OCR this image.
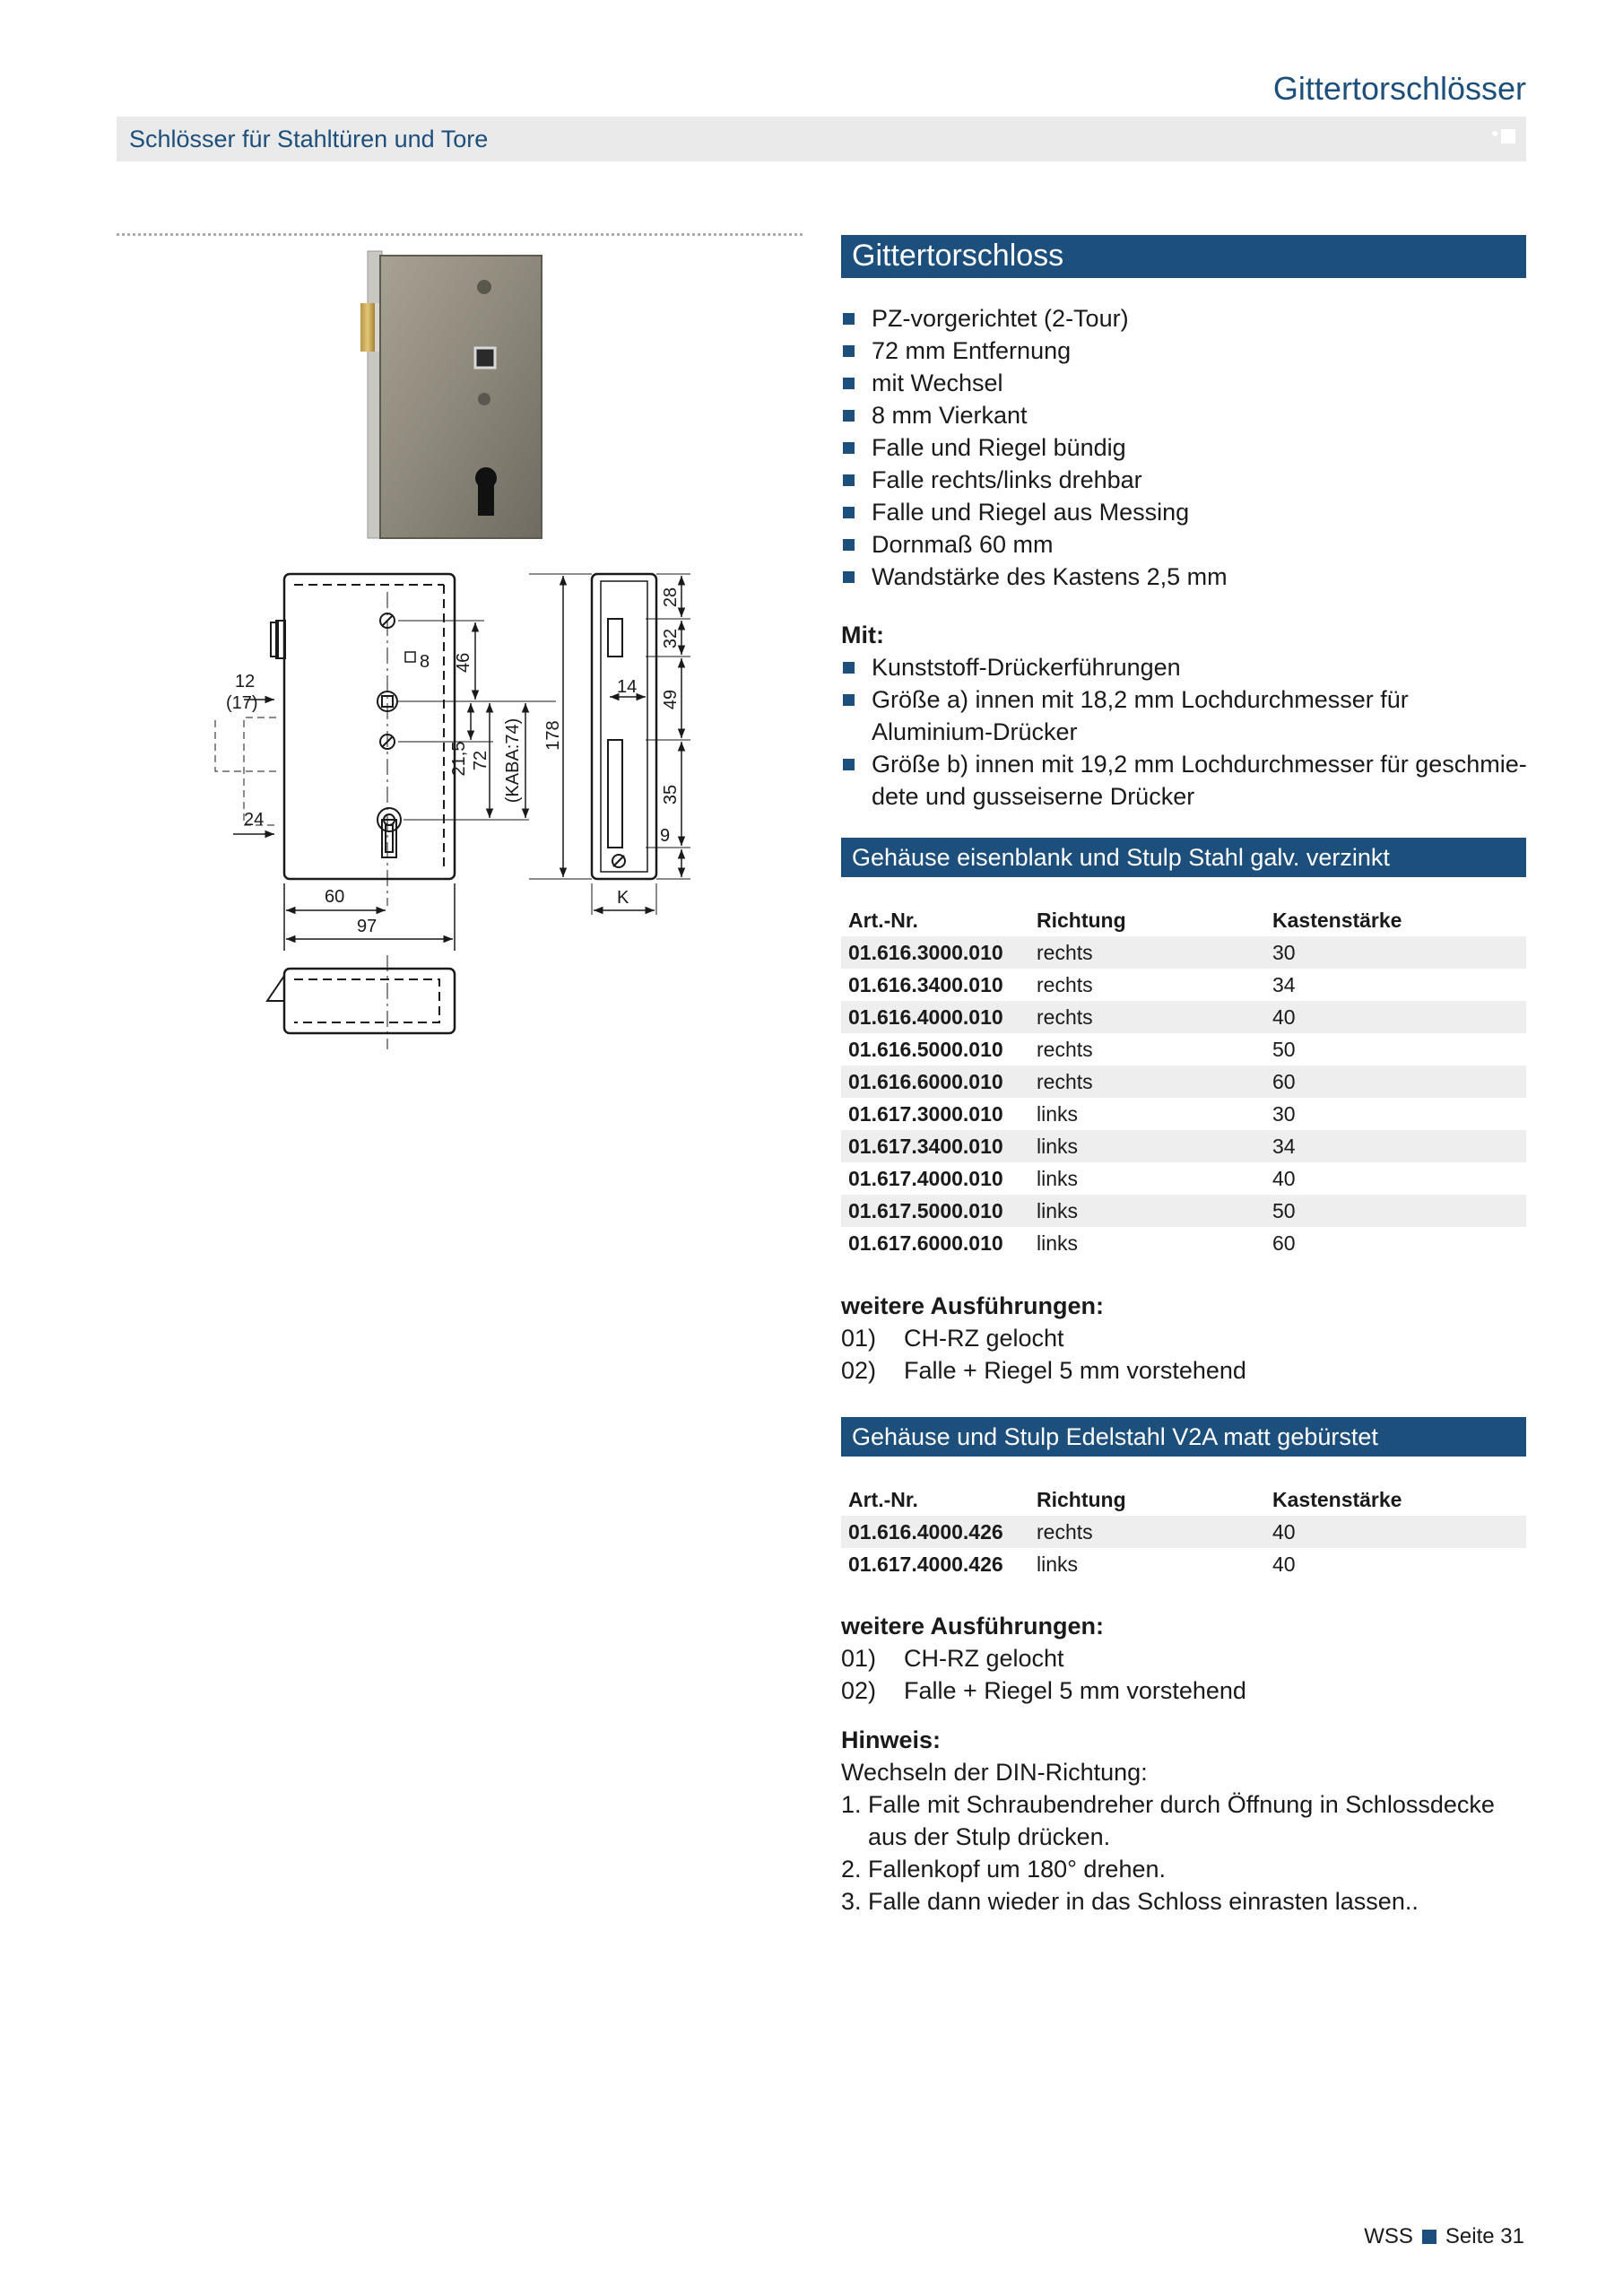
Gittertorschlösser
Schlösser für Stahltüren und Tore
12
(17)
24
60
97
8 46
21,5 72 (KABA:74) 178
28
32
49
35
14
9
K
Gittertorschloss
PZ-vorgerichtet (2-Tour)
72 mm Entfernung
mit Wechsel
8 mm Vierkant
Falle und Riegel bündig
Falle rechts/links drehbar
Falle und Riegel aus Messing
Dornmaß 60 mm
Wandstärke des Kastens 2,5 mm
Mit:
Kunststoff-Drückerführungen
Größe a) innen mit 18,2 mm Lochdurchmesser für Aluminium-Drücker
Größe b) innen mit 19,2 mm Lochdurchmesser für geschmie-dete und gusseiserne Drücker
Gehäuse eisenblank und Stulp Stahl galv. verzinkt
Art.-Nr.	Richtung	Kastenstärke
01.616.3000.010	rechts	30
01.616.3400.010	rechts	34
01.616.4000.010	rechts	40
01.616.5000.010	rechts	50
01.616.6000.010	rechts	60
01.617.3000.010	links	30
01.617.3400.010	links	34
01.617.4000.010	links	40
01.617.5000.010	links	50
01.617.6000.010	links	60
weitere Ausführungen:
01) CH-RZ gelocht
02) Falle + Riegel 5 mm vorstehend
Gehäuse und Stulp Edelstahl V2A matt gebürstet
Art.-Nr.	Richtung	Kastenstärke
01.616.4000.426	rechts	40
01.617.4000.426	links	40
weitere Ausführungen:
01) CH-RZ gelocht
02) Falle + Riegel 5 mm vorstehend
Hinweis:
Wechseln der DIN-Richtung:
1. Falle mit Schraubendreher durch Öffnung in Schlossdecke aus der Stulp drücken.
2. Fallenkopf um 180° drehen.
3. Falle dann wieder in das Schloss einrasten lassen..
WSS Seite 31
